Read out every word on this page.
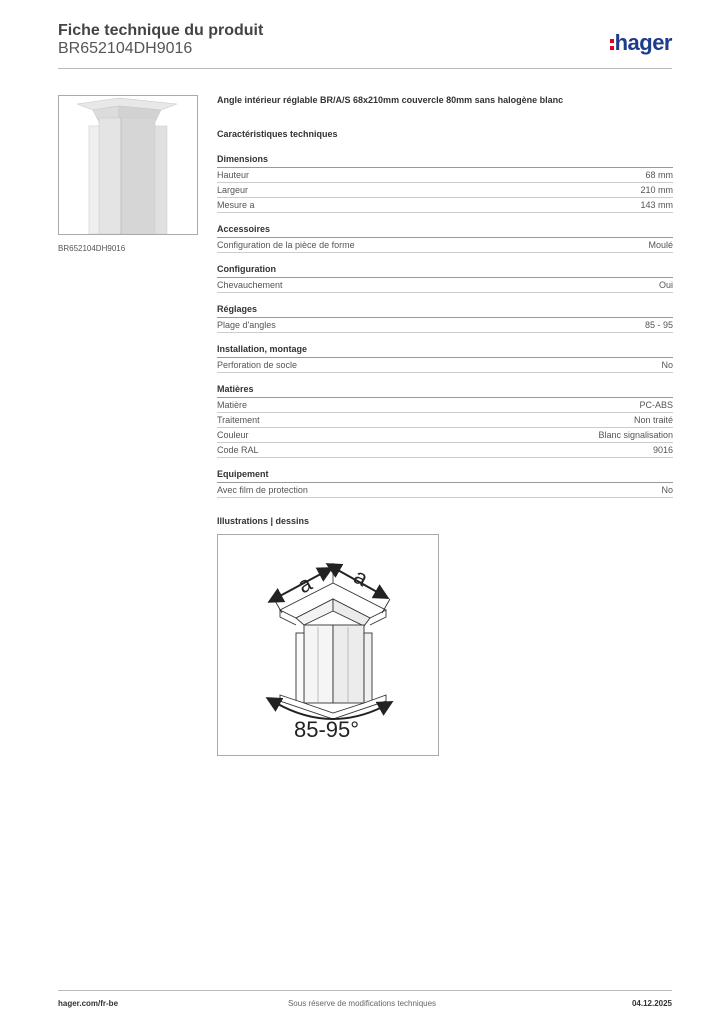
Fiche technique du produit
BR652104DH9016	hager
BR652104DH9016
Angle intérieur réglable BR/A/S 68x210mm couvercle 80mm sans halogène blanc
Caractéristiques techniques
Dimensions
Hauteur	68 mm
Largeur	210 mm
Mesure a	143 mm
Accessoires
Configuration de la pièce de forme	Moulé
Configuration
Chevauchement	Oui
Réglages
Plage d'angles	85 - 95
Installation, montage
Perforation de socle	No
Matières
Matière	PC-ABS
Traitement	Non traité
Couleur	Blanc signalisation
Code RAL	9016
Equipement
Avec film de protection	No
Illustrations | dessins
a a
85-95°
hager.com/fr-be	Sous réserve de modifications techniques	04.12.2025
